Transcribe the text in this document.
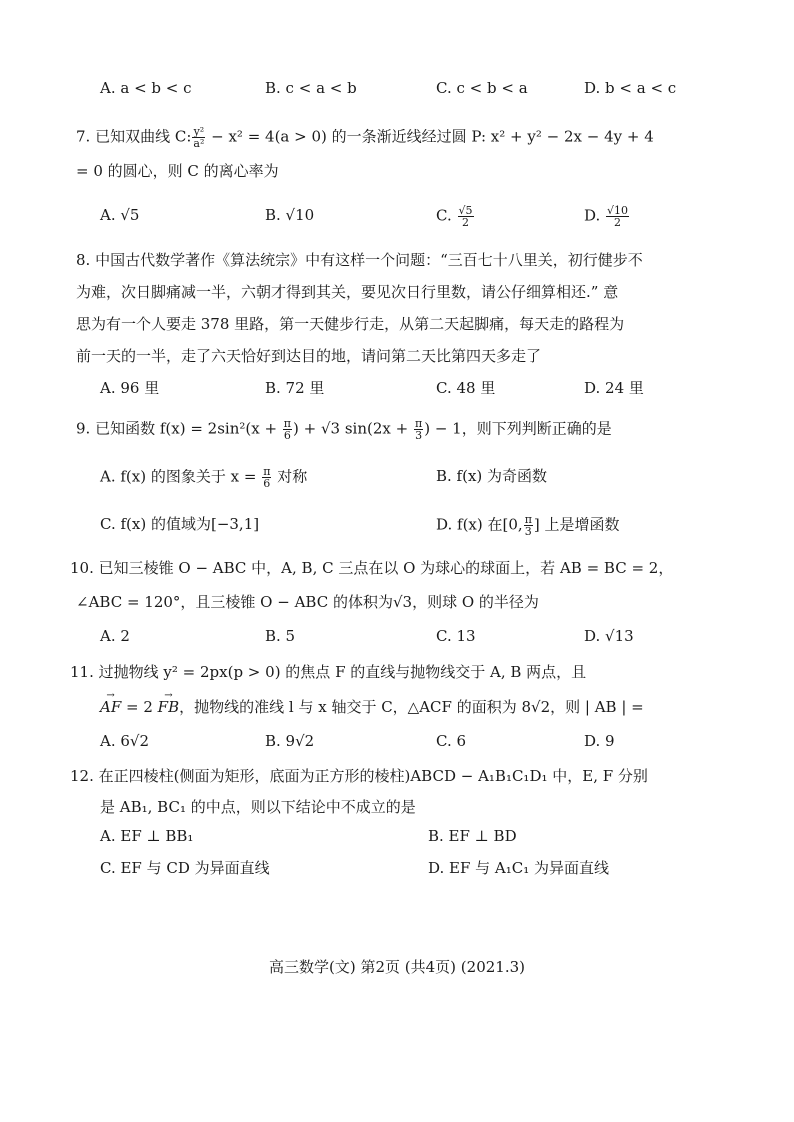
A. a < b < c	B. c < a < b	C. c < b < a	D. b < a < c
7. 已知双曲线 C: $\frac{\text{y²}}{\text{a²}} - x^2 = 4(a > 0)$ 的一条渐近线经过圆 P: x² + y² − 2x − 4y + 4
= 0 的圆心，则 C 的离心率为
A. √5	B. √10	C. $\frac{√5}{2}$	D. $\frac{√10}{2}$
8. 中国古代数学著作《算法统宗》中有这样一个问题：“三百七十八里关，初行健步不
为难，次日脚痛减一半，六朝才得到其关，要见次日行里数，请公仔细算相还.” 意
思为有一个人要走 378 里路，第一天健步行走，从第二天起脚痛，每天走的路程为
前一天的一半，走了六天恰好到达目的地，请问第二天比第四天多走了
A. 96 里	B. 72 里	C. 48 里	D. 24 里
9. 已知函数 $f(x) = 2\sin^2(x + \frac{\pi}{6}$ ) + √3 $\sin(2x + \frac{\pi}{3}$ ) − 1，则下列判断正确的是
A. f(x) 的图象关于 $x = \frac{\pi}{6}$ 对称	B. f(x) 为奇函数
C. f(x) 的值域为[−3,1]	D. f(x) 在[0, $\frac{\pi}{3}$ ] 上是增函数
10. 已知三棱锥 O − ABC 中，A, B, C 三点在以 O 为球心的球面上，若 AB = BC = 2，
∠ABC = 120°，且三棱锥 O − ABC 的体积为√3，则球 O 的半径为
A. 2	B. 5	C. 13	D. √13
11. 过抛物线 y² = 2px(p > 0) 的焦点 F 的直线与抛物线交于 A, B 两点，且
→ AF = 2 → FB，抛物线的准线 l 与 x 轴交于 C，△ACF 的面积为 8√2，则 | AB | =
A. 6√2	B. 9√2	C. 6	D. 9
12. 在正四棱柱(侧面为矩形，底面为正方形的棱柱)ABCD − A₁B₁C₁D₁ 中，E, F 分别
是 AB₁, BC₁ 的中点，则以下结论中不成立的是
A. EF ⊥ BB₁	B. EF ⊥ BD
C. EF 与 CD 为异面直线	D. EF 与 A₁C₁ 为异面直线
高三数学(文) 第2页 (共4页) (2021.3)
